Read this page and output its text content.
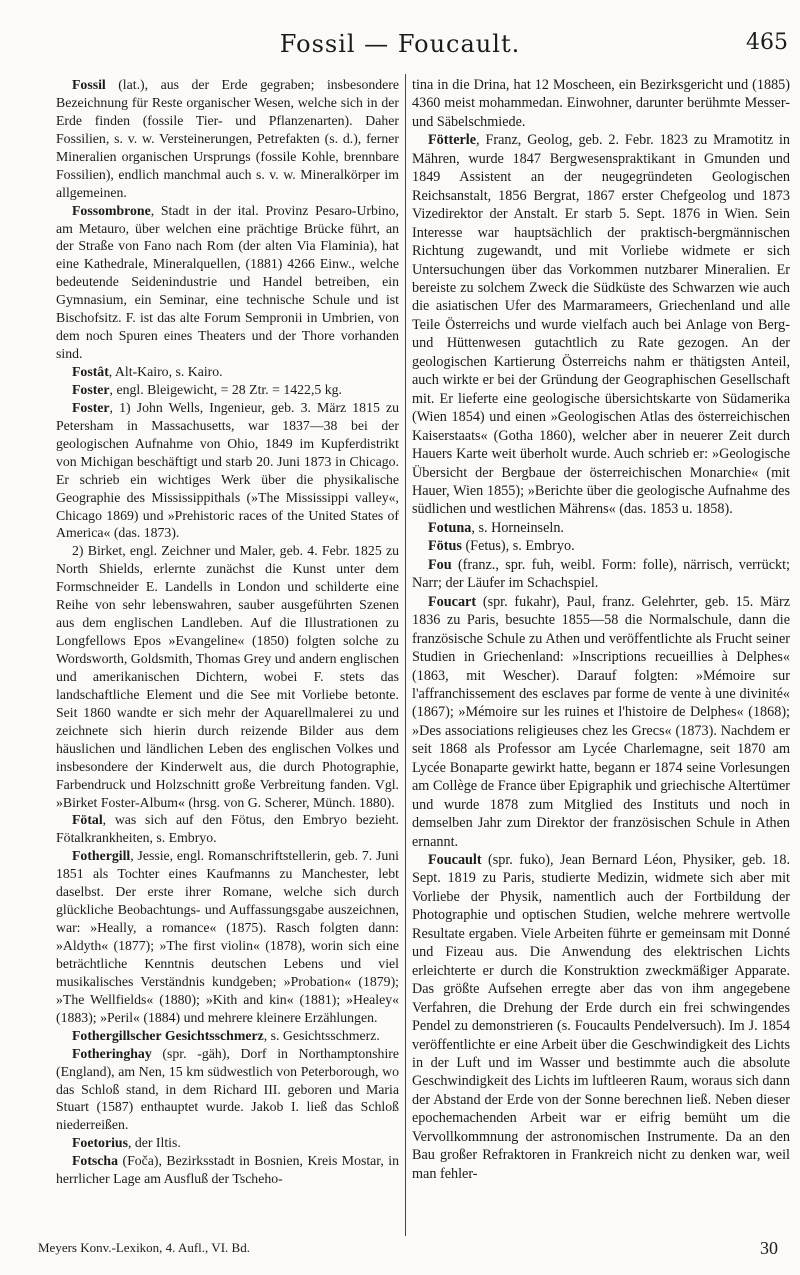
Fossil — Foucault.	465

Fossil (lat.), aus der Erde gegraben; insbesondere Bezeichnung für Reste organischer Wesen, welche sich in der Erde finden (fossile Tier- und Pflanzenarten). Daher Fossilien, s. v. w. Versteinerungen, Petrefakten (s. d.), ferner Mineralien organischen Ursprungs (fossile Kohle, brennbare Fossilien), endlich manchmal auch s. v. w. Mineralkörper im allgemeinen.

Fossombrone, Stadt in der ital. Provinz Pesaro-Urbino, am Metauro, über welchen eine prächtige Brücke führt, an der Straße von Fano nach Rom (der alten Via Flaminia), hat eine Kathedrale, Mineralquellen, (1881) 4266 Einw., welche bedeutende Seidenindustrie und Handel betreiben, ein Gymnasium, ein Seminar, eine technische Schule und ist Bischofsitz. F. ist das alte Forum Sempronii in Umbrien, von dem noch Spuren eines Theaters und der Thore vorhanden sind.

Fostât, Alt-Kairo, s. Kairo.

Foster, engl. Bleigewicht, = 28 Ztr. = 1422,5 kg.

Foster, 1) John Wells, Ingenieur, geb. 3. März 1815 zu Petersham in Massachusetts, war 1837—38 bei der geologischen Aufnahme von Ohio, 1849 im Kupferdistrikt von Michigan beschäftigt und starb 20. Juni 1873 in Chicago. Er schrieb ein wichtiges Werk über die physikalische Geographie des Mississippithals (»The Mississippi valley«, Chicago 1869) und »Prehistoric races of the United States of America« (das. 1873).

2) Birket, engl. Zeichner und Maler, geb. 4. Febr. 1825 zu North Shields, erlernte zunächst die Kunst unter dem Formschneider E. Landells in London und schilderte eine Reihe von sehr lebenswahren, sauber ausgeführten Szenen aus dem englischen Landleben. Auf die Illustrationen zu Longfellows Epos »Evangeline« (1850) folgten solche zu Wordsworth, Goldsmith, Thomas Grey und andern englischen und amerikanischen Dichtern, wobei F. stets das landschaftliche Element und die See mit Vorliebe betonte. Seit 1860 wandte er sich mehr der Aquarellmalerei zu und zeichnete sich hierin durch reizende Bilder aus dem häuslichen und ländlichen Leben des englischen Volkes und insbesondere der Kinderwelt aus, die durch Photographie, Farbendruck und Holzschnitt große Verbreitung fanden. Vgl. »Birket Foster-Album« (hrsg. von G. Scherer, Münch. 1880).

Fötal, was sich auf den Fötus, den Embryo bezieht. Fötalkrankheiten, s. Embryo.

Fothergill, Jessie, engl. Romanschriftstellerin, geb. 7. Juni 1851 als Tochter eines Kaufmanns zu Manchester, lebt daselbst. Der erste ihrer Romane, welche sich durch glückliche Beobachtungs- und Auffassungsgabe auszeichnen, war: »Heally, a romance« (1875). Rasch folgten dann: »Aldyth« (1877); »The first violin« (1878), worin sich eine beträchtliche Kenntnis deutschen Lebens und viel musikalisches Verständnis kundgeben; »Probation« (1879); »The Wellfields« (1880); »Kith and kin« (1881); »Healey« (1883); »Peril« (1884) und mehrere kleinere Erzählungen.

Fothergillscher Gesichtsschmerz, s. Gesichtsschmerz.

Fotheringhay (spr. -gäh), Dorf in Northamptonshire (England), am Nen, 15 km südwestlich von Peterborough, wo das Schloß stand, in dem Richard III. geboren und Maria Stuart (1587) enthauptet wurde. Jakob I. ließ das Schloß niederreißen.

Foetorius, der Iltis.

Fotscha (Foča), Bezirksstadt in Bosnien, Kreis Mostar, in herrlicher Lage am Ausfluß der Tscheho-

tina in die Drina, hat 12 Moscheen, ein Bezirksgericht und (1885) 4360 meist mohammedan. Einwohner, darunter berühmte Messer- und Säbelschmiede.

Fötterle, Franz, Geolog, geb. 2. Febr. 1823 zu Mramotitz in Mähren, wurde 1847 Bergwesenspraktikant in Gmunden und 1849 Assistent an der neugegründeten Geologischen Reichsanstalt, 1856 Bergrat, 1867 erster Chefgeolog und 1873 Vizedirektor der Anstalt. Er starb 5. Sept. 1876 in Wien. Sein Interesse war hauptsächlich der praktisch-bergmännischen Richtung zugewandt, und mit Vorliebe widmete er sich Untersuchungen über das Vorkommen nutzbarer Mineralien. Er bereiste zu solchem Zweck die Südküste des Schwarzen wie auch die asiatischen Ufer des Marmarameers, Griechenland und alle Teile Österreichs und wurde vielfach auch bei Anlage von Berg- und Hüttenwesen gutachtlich zu Rate gezogen. An der geologischen Kartierung Österreichs nahm er thätigsten Anteil, auch wirkte er bei der Gründung der Geographischen Gesellschaft mit. Er lieferte eine geologische übersichtskarte von Südamerika (Wien 1854) und einen »Geologischen Atlas des österreichischen Kaiserstaats« (Gotha 1860), welcher aber in neuerer Zeit durch Hauers Karte weit überholt wurde. Auch schrieb er: »Geologische Übersicht der Bergbaue der österreichischen Monarchie« (mit Hauer, Wien 1855); »Berichte über die geologische Aufnahme des südlichen und westlichen Mährens« (das. 1853 u. 1858).

Fotuna, s. Horneinseln.

Fötus (Fetus), s. Embryo.

Fou (franz., spr. fuh, weibl. Form: folle), närrisch, verrückt; Narr; der Läufer im Schachspiel.

Foucart (spr. fukahr), Paul, franz. Gelehrter, geb. 15. März 1836 zu Paris, besuchte 1855—58 die Normalschule, dann die französische Schule zu Athen und veröffentlichte als Frucht seiner Studien in Griechenland: »Inscriptions recueillies à Delphes« (1863, mit Wescher). Darauf folgten: »Mémoire sur l'affranchissement des esclaves par forme de vente à une divinité« (1867); »Mémoire sur les ruines et l'histoire de Delphes« (1868); »Des associations religieuses chez les Grecs« (1873). Nachdem er seit 1868 als Professor am Lycée Charlemagne, seit 1870 am Lycée Bonaparte gewirkt hatte, begann er 1874 seine Vorlesungen am Collège de France über Epigraphik und griechische Altertümer und wurde 1878 zum Mitglied des Instituts und noch in demselben Jahr zum Direktor der französischen Schule in Athen ernannt.

Foucault (spr. fuko), Jean Bernard Léon, Physiker, geb. 18. Sept. 1819 zu Paris, studierte Medizin, widmete sich aber mit Vorliebe der Physik, namentlich auch der Fortbildung der Photographie und optischen Studien, welche mehrere wertvolle Resultate ergaben. Viele Arbeiten führte er gemeinsam mit Donné und Fizeau aus. Die Anwendung des elektrischen Lichts erleichterte er durch die Konstruktion zweckmäßiger Apparate. Das größte Aufsehen erregte aber das von ihm angegebene Verfahren, die Drehung der Erde durch ein frei schwingendes Pendel zu demonstrieren (s. Foucaults Pendelversuch). Im J. 1854 veröffentlichte er eine Arbeit über die Geschwindigkeit des Lichts in der Luft und im Wasser und bestimmte auch die absolute Geschwindigkeit des Lichts im luftleeren Raum, woraus sich dann der Abstand der Erde von der Sonne berechnen ließ. Neben dieser epochemachenden Arbeit war er eifrig bemüht um die Vervollkommnung der astronomischen Instrumente. Da an den Bau großer Refraktoren in Frankreich nicht zu denken war, weil man fehler-

Meyers Konv.-Lexikon, 4. Aufl., VI. Bd.	30
